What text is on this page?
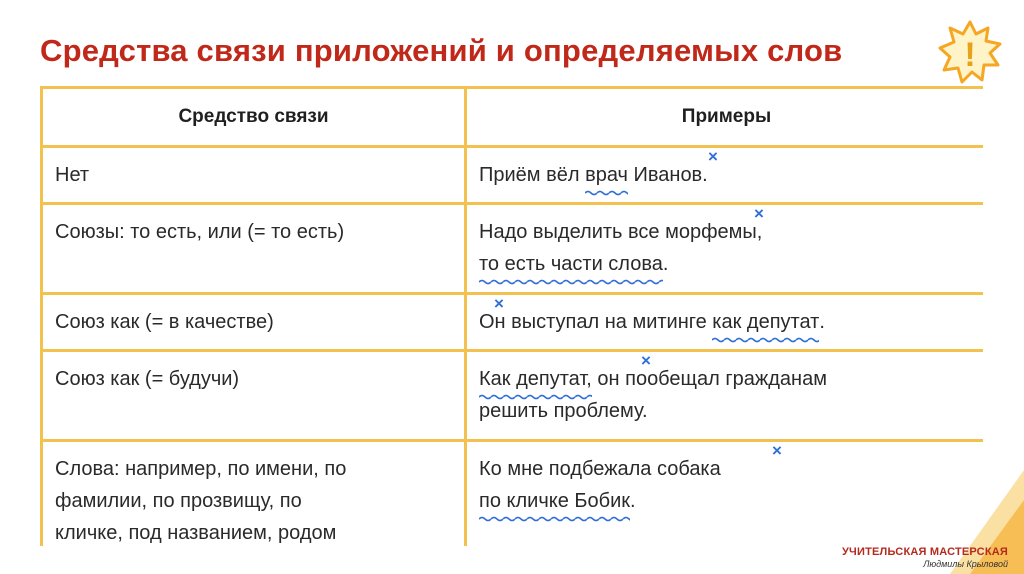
Средства связи приложений и определяемых слов	!
Средство связи	Примеры
Нет
×
Приём вёл врач Иванов.
Союзы: то есть, или (= то есть)
×
Надо выделить все морфемы,
то есть части слова.
Союз как (= в качестве)
×
Он выступал на митинге как депутат.
Союз как (= будучи)
×
Как депутат, он пообещал гражданам
решить проблему.
Слова: например, по имени, по
фамилии, по прозвищу, по
кличке, под названием, родом
×
Ко мне подбежала собака
по кличке Бобик.
УЧИТЕЛЬСКАЯ МАСТЕРСКАЯ
Людмилы Крыловой
